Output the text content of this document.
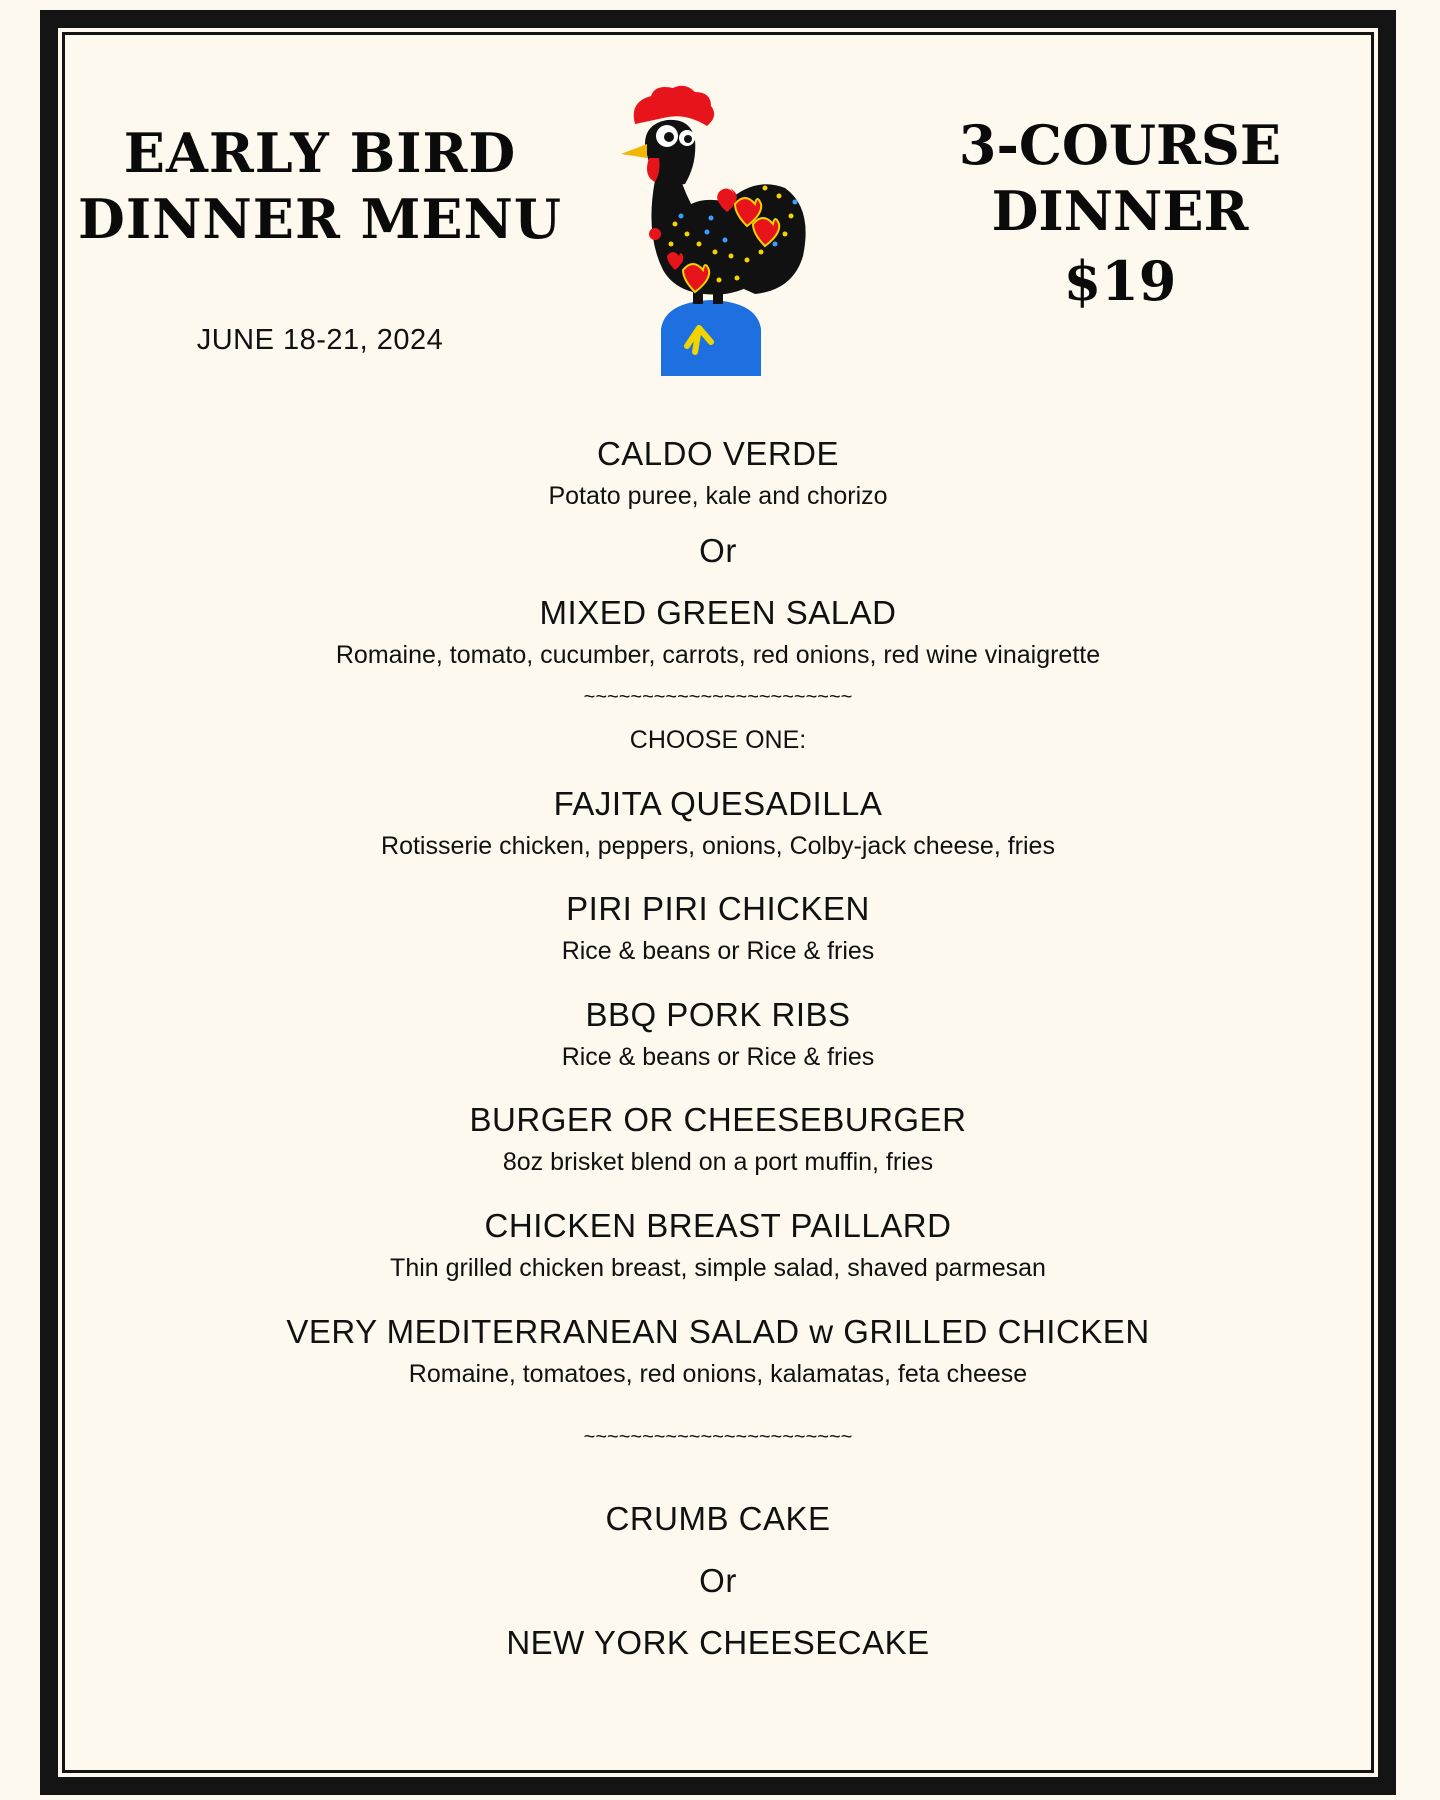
EARLY BIRD
DINNER MENU
JUNE 18-21, 2024
3-COURSE
DINNER
$19
CALDO VERDE
Potato puree, kale and chorizo
Or
MIXED GREEN SALAD
Romaine, tomato, cucumber, carrots, red onions, red wine vinaigrette
~~~~~~~~~~~~~~~~~~~~~~~
CHOOSE ONE:
FAJITA QUESADILLA
Rotisserie chicken, peppers, onions, Colby-jack cheese, fries
PIRI PIRI CHICKEN
Rice & beans or Rice & fries
BBQ PORK RIBS
Rice & beans or Rice & fries
BURGER OR CHEESEBURGER
8oz brisket blend on a port muffin, fries
CHICKEN BREAST PAILLARD
Thin grilled chicken breast, simple salad, shaved parmesan
VERY MEDITERRANEAN SALAD w GRILLED CHICKEN
Romaine, tomatoes, red onions, kalamatas, feta cheese
~~~~~~~~~~~~~~~~~~~~~~~
CRUMB CAKE
Or
NEW YORK CHEESECAKE
